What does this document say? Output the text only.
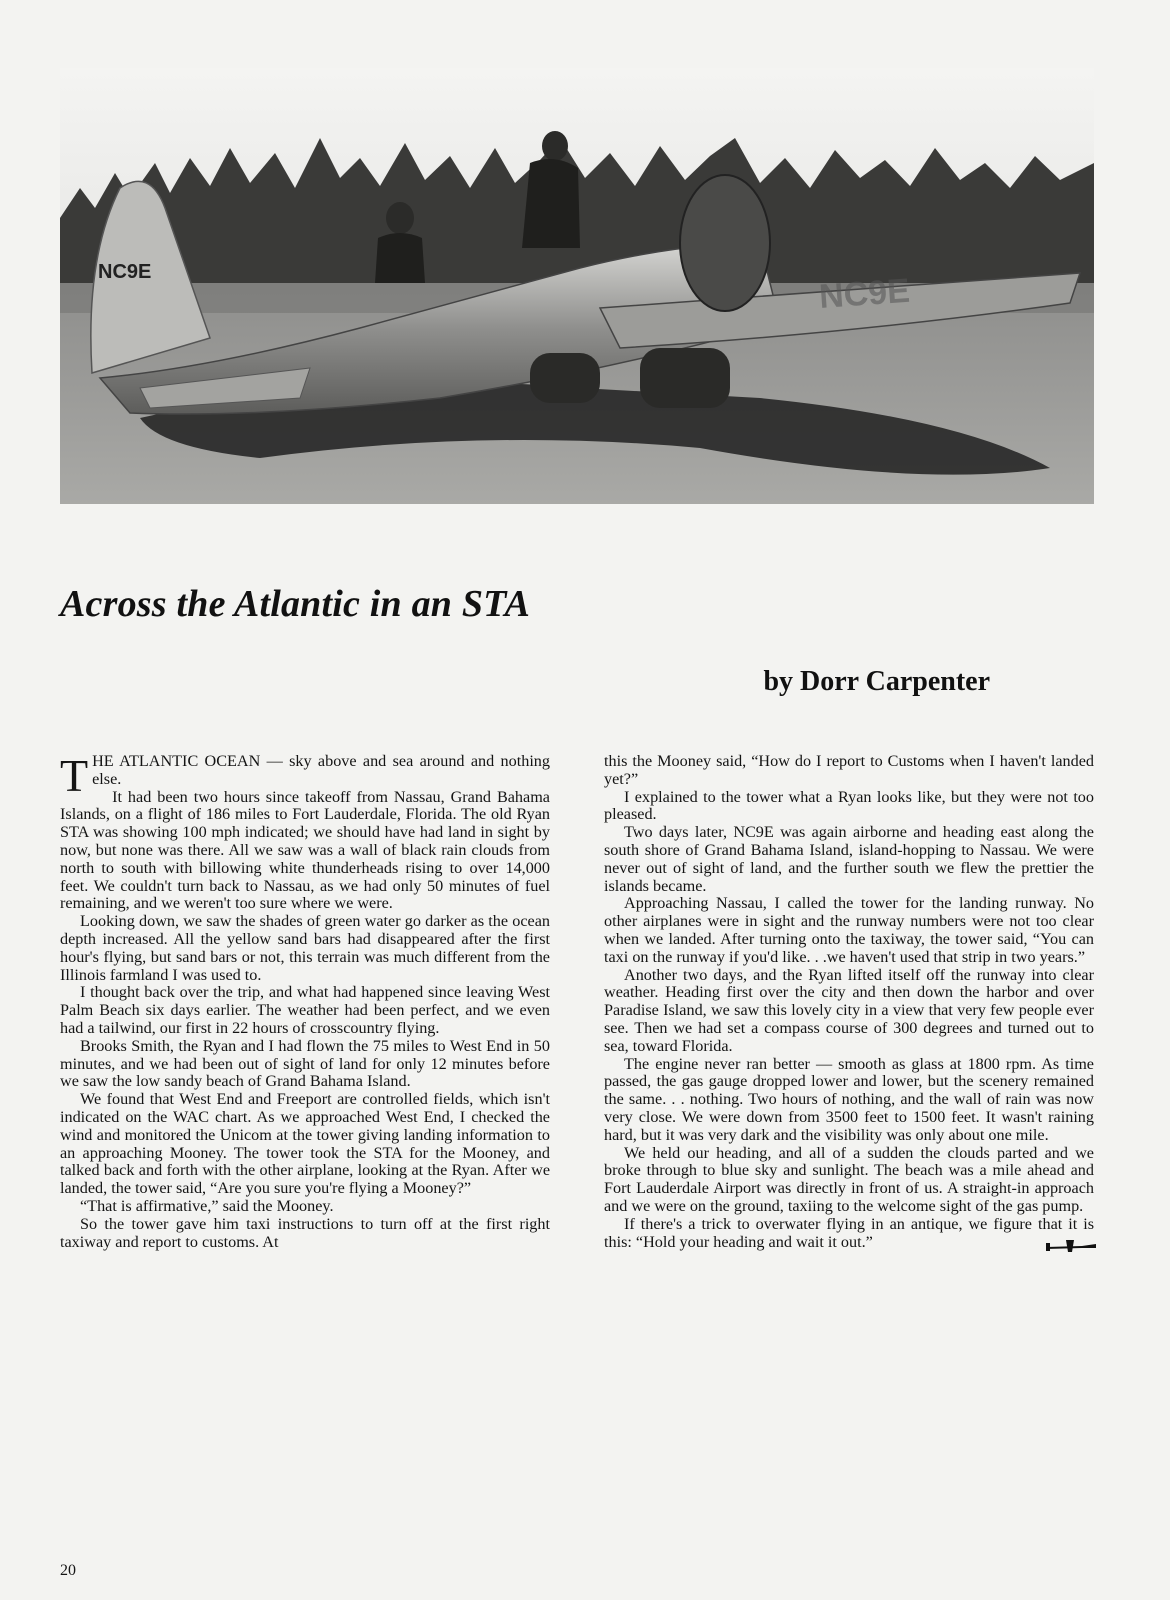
NC9E	NC9E
Across the Atlantic in an STA
by Dorr Carpenter

THE ATLANTIC OCEAN — sky above and sea around and nothing else.

It had been two hours since takeoff from Nassau, Grand Bahama Islands, on a flight of 186 miles to Fort Lauderdale, Florida. The old Ryan STA was showing 100 mph indicated; we should have had land in sight by now, but none was there. All we saw was a wall of black rain clouds from north to south with billowing white thunderheads rising to over 14,000 feet. We couldn't turn back to Nassau, as we had only 50 minutes of fuel remaining, and we weren't too sure where we were.

Looking down, we saw the shades of green water go darker as the ocean depth increased. All the yellow sand bars had disappeared after the first hour's flying, but sand bars or not, this terrain was much different from the Illinois farmland I was used to.

I thought back over the trip, and what had happened since leaving West Palm Beach six days earlier. The weather had been perfect, and we even had a tailwind, our first in 22 hours of crosscountry flying.

Brooks Smith, the Ryan and I had flown the 75 miles to West End in 50 minutes, and we had been out of sight of land for only 12 minutes before we saw the low sandy beach of Grand Bahama Island.

We found that West End and Freeport are controlled fields, which isn't indicated on the WAC chart. As we approached West End, I checked the wind and monitored the Unicom at the tower giving landing information to an approaching Mooney. The tower took the STA for the Mooney, and talked back and forth with the other airplane, looking at the Ryan. After we landed, the tower said, “Are you sure you're flying a Mooney?”

“That is affirmative,” said the Mooney.

So the tower gave him taxi instructions to turn off at the first right taxiway and report to customs. At

this the Mooney said, “How do I report to Customs when I haven't landed yet?”

I explained to the tower what a Ryan looks like, but they were not too pleased.

Two days later, NC9E was again airborne and heading east along the south shore of Grand Bahama Island, island-hopping to Nassau. We were never out of sight of land, and the further south we flew the prettier the islands became.

Approaching Nassau, I called the tower for the landing runway. No other airplanes were in sight and the runway numbers were not too clear when we landed. After turning onto the taxiway, the tower said, “You can taxi on the runway if you'd like. . .we haven't used that strip in two years.”

Another two days, and the Ryan lifted itself off the runway into clear weather. Heading first over the city and then down the harbor and over Paradise Island, we saw this lovely city in a view that very few people ever see. Then we had set a compass course of 300 degrees and turned out to sea, toward Florida.

The engine never ran better — smooth as glass at 1800 rpm. As time passed, the gas gauge dropped lower and lower, but the scenery remained the same. . . nothing. Two hours of nothing, and the wall of rain was now very close. We were down from 3500 feet to 1500 feet. It wasn't raining hard, but it was very dark and the visibility was only about one mile.

We held our heading, and all of a sudden the clouds parted and we broke through to blue sky and sunlight. The beach was a mile ahead and Fort Lauderdale Airport was directly in front of us. A straight-in approach and we were on the ground, taxiing to the welcome sight of the gas pump.

If there's a trick to overwater flying in an antique, we figure that it is this: “Hold your heading and wait it out.”

20
